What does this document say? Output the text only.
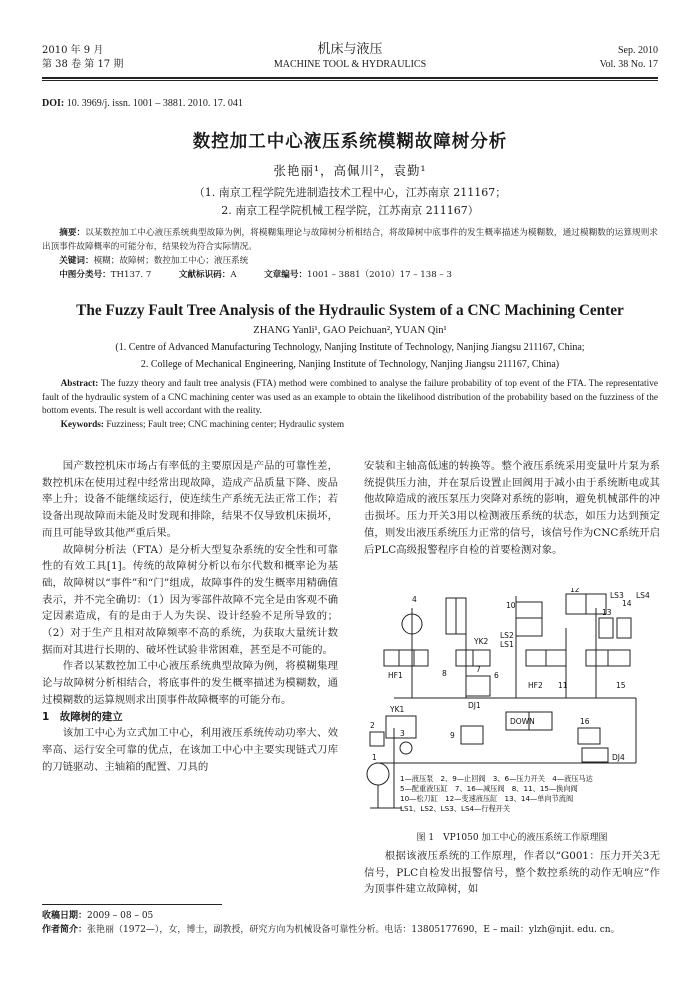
2010 年 9 月
第 38 卷 第 17 期
机床与液压
MACHINE TOOL & HYDRAULICS
Sep. 2010
Vol. 38 No. 17
DOI: 10. 3969/j. issn. 1001 – 3881. 2010. 17. 041
数控加工中心液压系统模糊故障树分析
张艳丽¹，高佩川²，袁勤¹
（1. 南京工程学院先进制造技术工程中心，江苏南京 211167；
2. 南京工程学院机械工程学院，江苏南京 211167）
摘要：以某数控加工中心液压系统典型故障为例，将模糊集理论与故障树分析相结合，将故障树中底事件的发生概率描述为模糊数，通过模糊数的运算规则求出顶事件故障概率的可能分布，结果较为符合实际情况。
关键词：模糊；故障树；数控加工中心；液压系统
中图分类号：TH137. 7	文献标识码：A	文章编号：1001 – 3881（2010）17 – 138 – 3
The Fuzzy Fault Tree Analysis of the Hydraulic System of a CNC Machining Center
ZHANG Yanli¹, GAO Peichuan², YUAN Qin¹
(1. Centre of Advanced Manufacturing Technology, Nanjing Institute of Technology, Nanjing Jiangsu 211167, China;
2. College of Mechanical Engineering, Nanjing Institute of Technology, Nanjing Jiangsu 211167, China)
Abstract: The fuzzy theory and fault tree analysis (FTA) method were combined to analyse the failure probability of top event of the FTA. The representative fault of the hydraulic system of a CNC machining center was used as an example to obtain the likelihood distribution of the probability based on the fuzziness of the bottom events. The result is well accordant with the reality.
Keywords: Fuzziness; Fault tree; CNC machining center; Hydraulic system

国产数控机床市场占有率低的主要原因是产品的可靠性差，数控机床在使用过程中经常出现故障，造成产品质量下降、废品率上升；设备不能继续运行，使连续生产系统无法正常工作；若设备出现故障而未能及时发现和排除，结果不仅导致机床损坏，而且可能导致其他严重后果。

故障树分析法（FTA）是分析大型复杂系统的安全性和可靠性的有效工具[1]。传统的故障树分析以布尔代数和概率论为基础，故障树以“事件”和“门”组成，故障事件的发生概率用精确值表示，并不完全确切：（1）因为零部件故障不完全是由客观不确定因素造成，有的是由于人为失误、设计经验不足所导致的；（2）对于生产且相对故障频率不高的系统，为获取大量统计数据而对其进行长期的、破坏性试验非常困难，甚至是不可能的。

作者以某数控加工中心液压系统典型故障为例，将模糊集理论与故障树分析相结合，将底事件的发生概率描述为模糊数，通过模糊数的运算规则求出顶事件故障概率的可能分布。

1　故障树的建立

该加工中心为立式加工中心，利用液压系统传动功率大、效率高、运行安全可靠的优点，在该加工中心中主要实现链式刀库的刀链驱动、主轴箱的配置、刀具的

安装和主轴高低速的转换等。整个液压系统采用变量叶片泵为系统提供压力油，并在泵后设置止回阀用于减小由于系统断电或其他故障造成的液压泵压力突降对系统的影响，避免机械部件的冲击损坏。压力开关3用以检测液压系统的状态，如压力达到预定值，则发出液压系统压力正常的信号，该信号作为CNC系统开启后PLC高级报警程序自检的首要检测对象。

12
LS3 LS4
13
14
10
LS2
LS1
YK2
4
HF1	8	7
6
HF2 11	15
YK1	DJ1
DOWN
9
2
3
16
DJ4
1
1—液压泵　2、9—止回阀　3、6—压力开关　4—液压马达
5—配重液压缸　7、16—减压阀　8、11、15—换向阀
10—松刀缸　12—变速液压缸　13、14—单向节流阀
LS1、LS2、LS3、LS4—行程开关
图 1　VP1050 加工中心的液压系统工作原理图

根据该液压系统的工作原理，作者以“G001：压力开关3无信号，PLC自检发出报警信号，整个数控系统的动作无响应”作为顶事件建立故障树，如

收稿日期：2009 – 08 – 05
作者简介：张艳丽（1972—），女，博士，副教授，研究方向为机械设备可靠性分析。电话：13805177690，E – mail：ylzh@njit. edu. cn。
